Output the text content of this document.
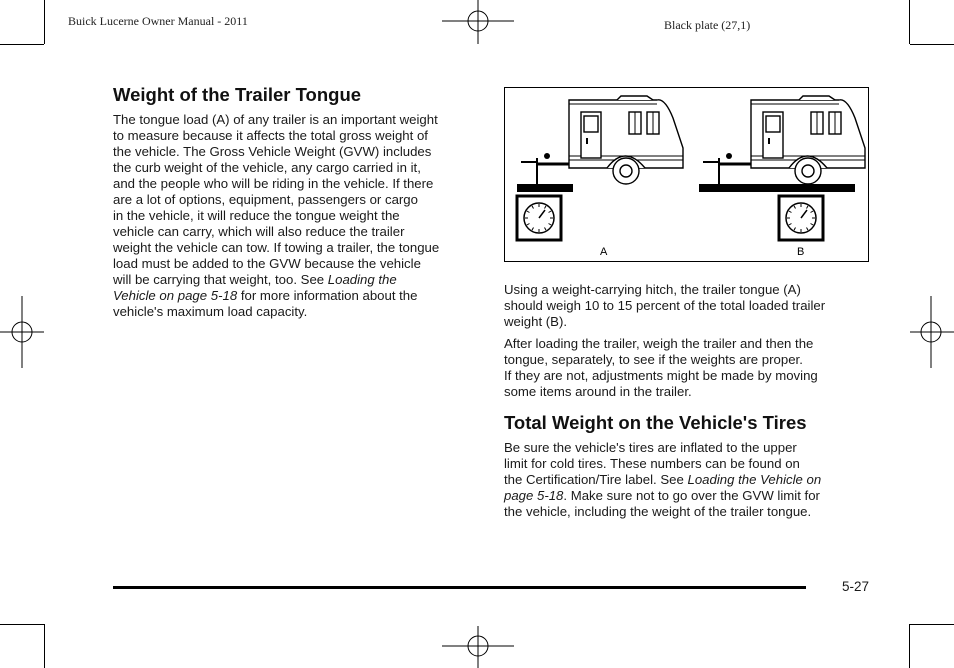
Buick Lucerne Owner Manual - 2011	Black plate (27,1)
Weight of the Trailer Tongue

The tongue load (A) of any trailer is an important weight
to measure because it affects the total gross weight of
the vehicle. The Gross Vehicle Weight (GVW) includes
the curb weight of the vehicle, any cargo carried in it,
and the people who will be riding in the vehicle. If there
are a lot of options, equipment, passengers or cargo
in the vehicle, it will reduce the tongue weight the
vehicle can carry, which will also reduce the trailer
weight the vehicle can tow. If towing a trailer, the tongue
load must be added to the GVW because the vehicle
will be carrying that weight, too. See Loading the
Vehicle on page 5-18 for more information about the
vehicle's maximum load capacity.

A	B

Using a weight-carrying hitch, the trailer tongue (A)
should weigh 10 to 15 percent of the total loaded trailer
weight (B).

After loading the trailer, weigh the trailer and then the
tongue, separately, to see if the weights are proper.
If they are not, adjustments might be made by moving
some items around in the trailer.

Total Weight on the Vehicle's Tires

Be sure the vehicle's tires are inflated to the upper
limit for cold tires. These numbers can be found on
the Certification/Tire label. See Loading the Vehicle on
page 5-18. Make sure not to go over the GVW limit for
the vehicle, including the weight of the trailer tongue.

5-27
